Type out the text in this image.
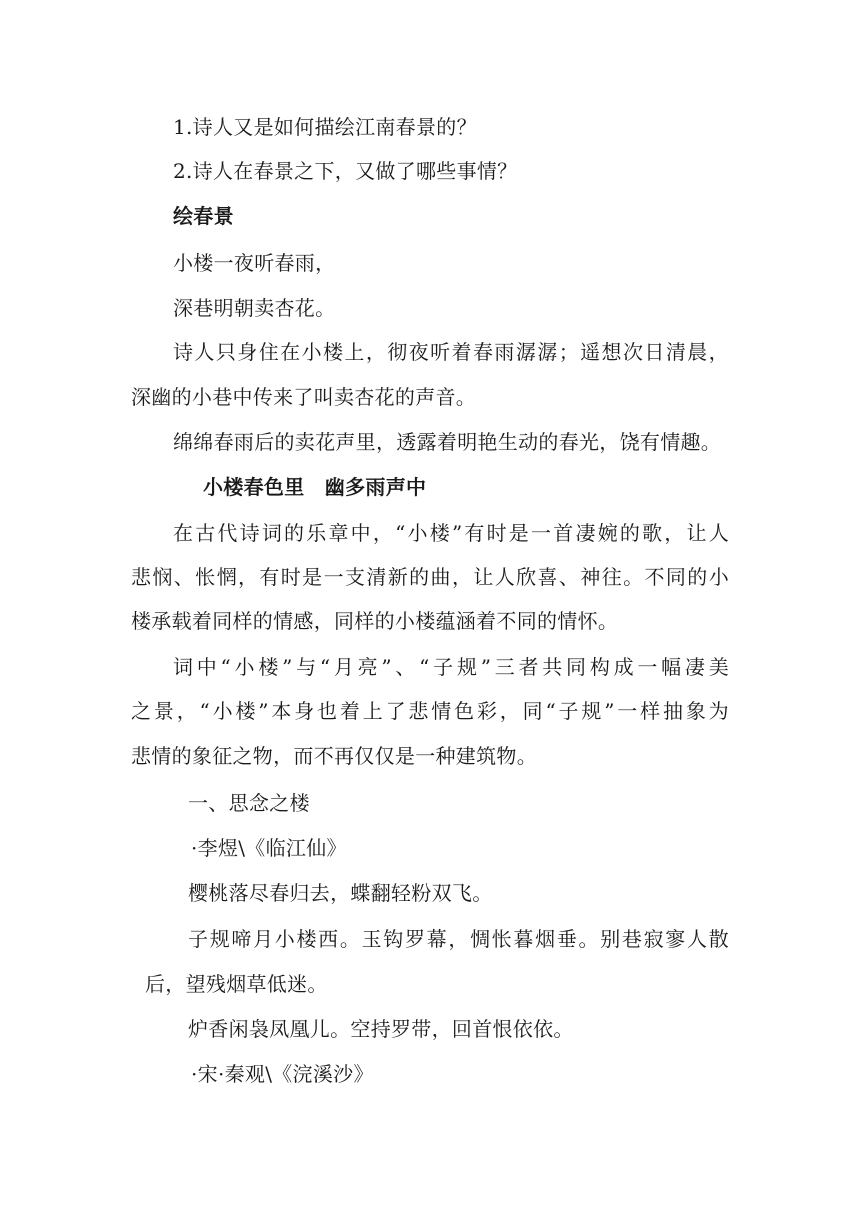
1.诗人又是如何描绘江南春景的？

2.诗人在春景之下，又做了哪些事情？

绘春景

小楼一夜听春雨，

深巷明朝卖杏花。

诗人只身住在小楼上，彻夜听着春雨潺潺；遥想次日清晨，

深幽的小巷中传来了叫卖杏花的声音。

绵绵春雨后的卖花声里，透露着明艳生动的春光，饶有情趣。

小楼春色里　幽多雨声中

在古代诗词的乐章中，“小楼”有时是一首凄婉的歌，让人

悲悯、怅惘，有时是一支清新的曲，让人欣喜、神往。不同的小

楼承载着同样的情感，同样的小楼蕴涵着不同的情怀。

词中“小楼”与“月亮”、“子规”三者共同构成一幅凄美

之景，“小楼”本身也着上了悲情色彩，同“子规”一样抽象为

悲情的象征之物，而不再仅仅是一种建筑物。

一、思念之楼

·李煜\《临江仙》

樱桃落尽春归去，蝶翻轻粉双飞。

子规啼月小楼西。玉钩罗幕，惆怅暮烟垂。别巷寂寥人散

后，望残烟草低迷。

炉香闲袅凤凰儿。空持罗带，回首恨依依。

·宋·秦观\《浣溪沙》
